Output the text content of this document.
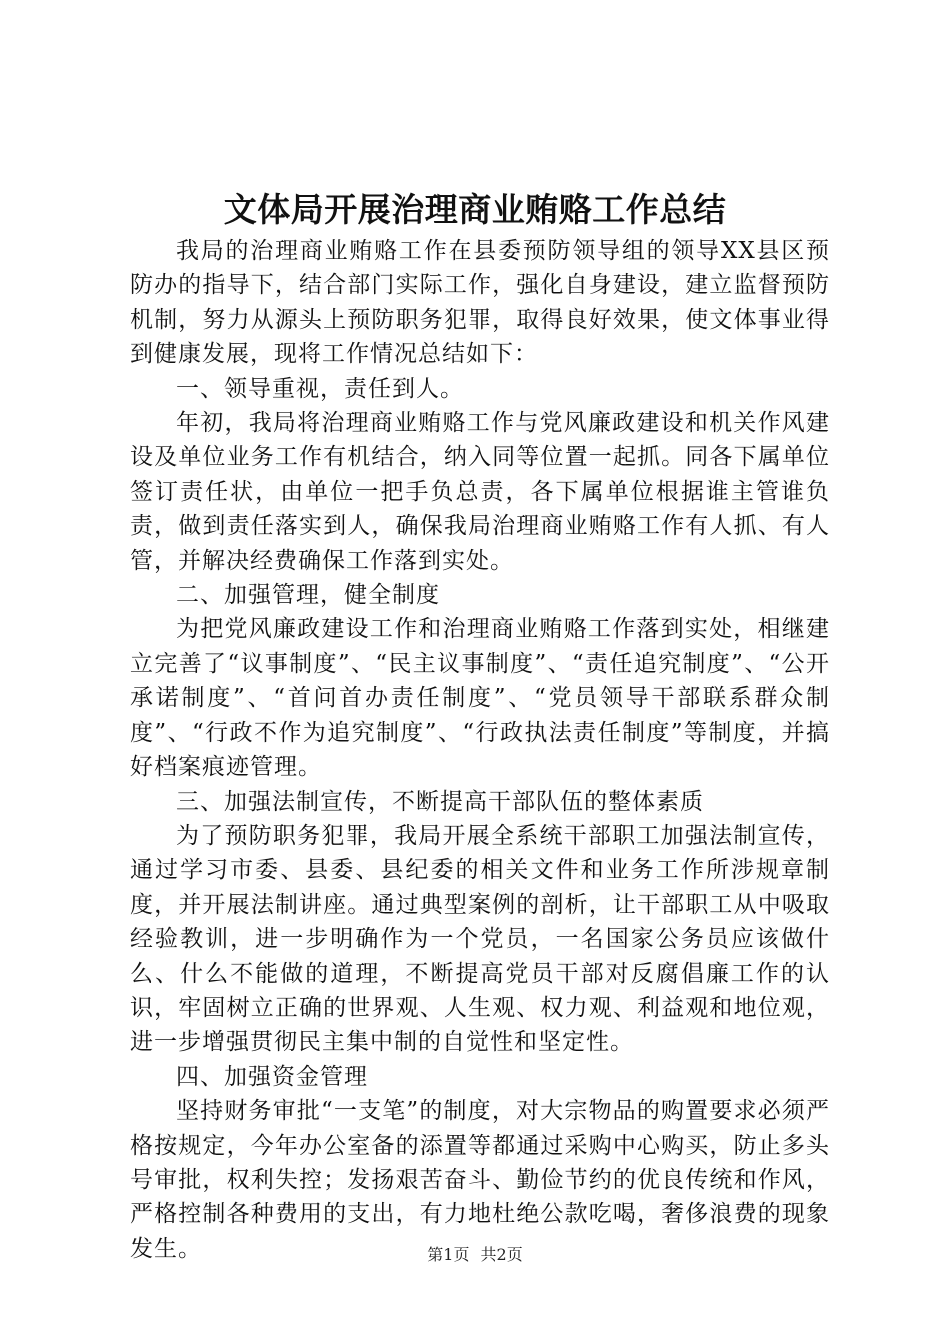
文体局开展治理商业贿赂工作总结

我局的治理商业贿赂工作在县委预防领导组的领导XX县区预防办的指导下，结合部门实际工作，强化自身建设，建立监督预防机制，努力从源头上预防职务犯罪，取得良好效果，使文体事业得到健康发展，现将工作情况总结如下：

一、领导重视，责任到人。

年初，我局将治理商业贿赂工作与党风廉政建设和机关作风建设及单位业务工作有机结合，纳入同等位置一起抓。同各下属单位签订责任状，由单位一把手负总责，各下属单位根据谁主管谁负责，做到责任落实到人，确保我局治理商业贿赂工作有人抓、有人管，并解决经费确保工作落到实处。

二、加强管理，健全制度

为把党风廉政建设工作和治理商业贿赂工作落到实处，相继建立完善了“议事制度”、“民主议事制度”、“责任追究制度”、“公开承诺制度”、“首问首办责任制度”、“党员领导干部联系群众制度”、“行政不作为追究制度”、“行政执法责任制度”等制度，并搞好档案痕迹管理。

三、加强法制宣传，不断提高干部队伍的整体素质

为了预防职务犯罪，我局开展全系统干部职工加强法制宣传，通过学习市委、县委、县纪委的相关文件和业务工作所涉规章制度，并开展法制讲座。通过典型案例的剖析，让干部职工从中吸取经验教训，进一步明确作为一个党员，一名国家公务员应该做什么、什么不能做的道理，不断提高党员干部对反腐倡廉工作的认识，牢固树立正确的世界观、人生观、权力观、利益观和地位观，进一步增强贯彻民主集中制的自觉性和坚定性。

四、加强资金管理

坚持财务审批“一支笔”的制度，对大宗物品的购置要求必须严格按规定，今年办公室备的添置等都通过采购中心购买，防止多头号审批，权利失控；发扬艰苦奋斗、勤俭节约的优良传统和作风，严格控制各种费用的支出，有力地杜绝公款吃喝，奢侈浪费的现象发生。	第1页 共2页
